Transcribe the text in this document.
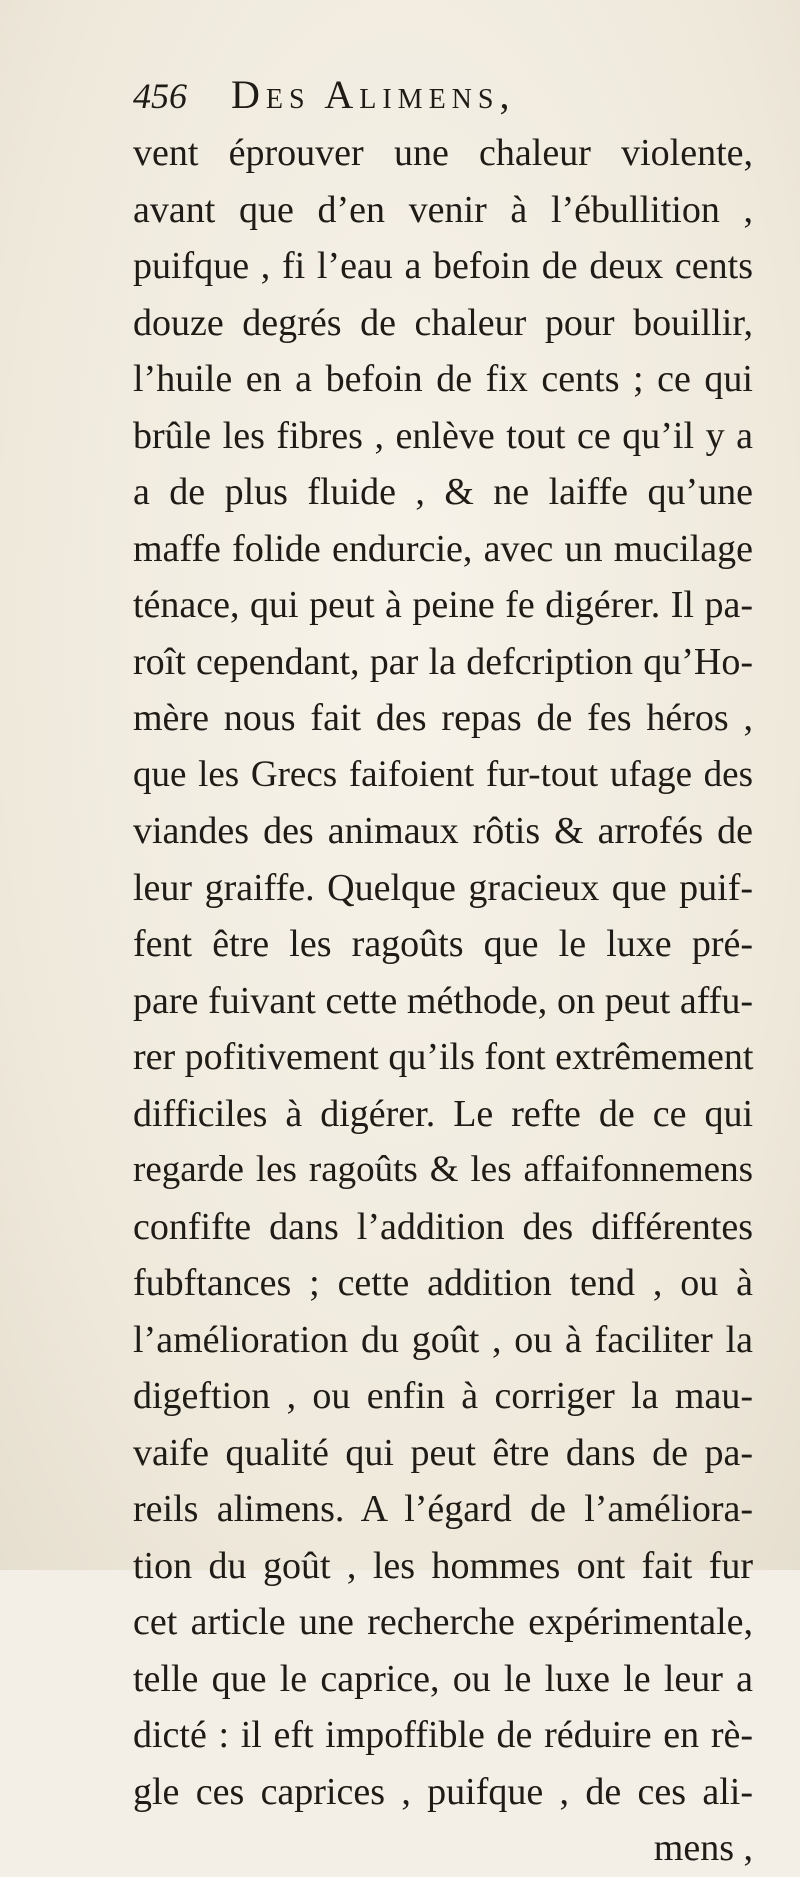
456 Des Alimens,
vent éprouver une chaleur violente,
avant que d’en venir à l’ébullition ,
puifque , fi l’eau a befoin de deux cents
douze degrés de chaleur pour bouillir,
l’huile en a befoin de fix cents ; ce qui
brûle les fibres , enlève tout ce qu’il y a
a de plus fluide , & ne laiffe qu’une
maffe folide endurcie, avec un mucilage
ténace, qui peut à peine fe digérer. Il pa-
roît cependant, par la defcription qu’Ho-
mère nous fait des repas de fes héros ,
que les Grecs faifoient fur-tout ufage des
viandes des animaux rôtis & arrofés de
leur graiffe. Quelque gracieux que puif-
fent être les ragoûts que le luxe pré-
pare fuivant cette méthode, on peut affu-
rer pofitivement qu’ils font extrêmement
difficiles à digérer. Le refte de ce qui
regarde les ragoûts & les affaifonnemens
confifte dans l’addition des différentes
fubftances ; cette addition tend , ou à
l’amélioration du goût , ou à faciliter la
digeftion , ou enfin à corriger la mau-
vaife qualité qui peut être dans de pa-
reils alimens. A l’égard de l’améliora-
tion du goût , les hommes ont fait fur
cet article une recherche expérimentale,
telle que le caprice, ou le luxe le leur a
dicté : il eft impoffible de réduire en rè-
gle ces caprices , puifque , de ces ali-
mens ,
